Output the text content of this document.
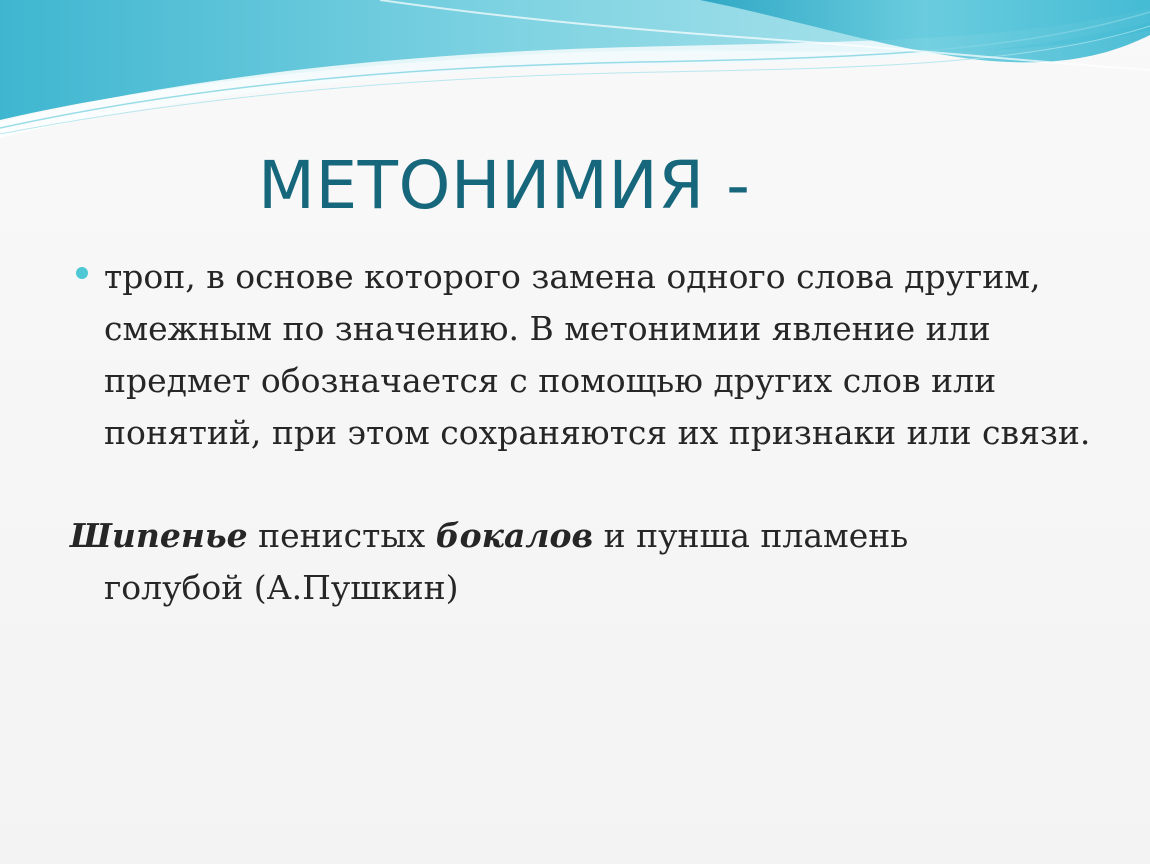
МЕТОНИМИЯ -

троп, в основе которого замена одного слова другим, смежным по значению. В метонимии явление или предмет обозначается с помощью других слов или понятий, при этом сохраняются их признаки или связи.

Шипенье пенистых бокалов и пунша пламень
голубой (А.Пушкин)
